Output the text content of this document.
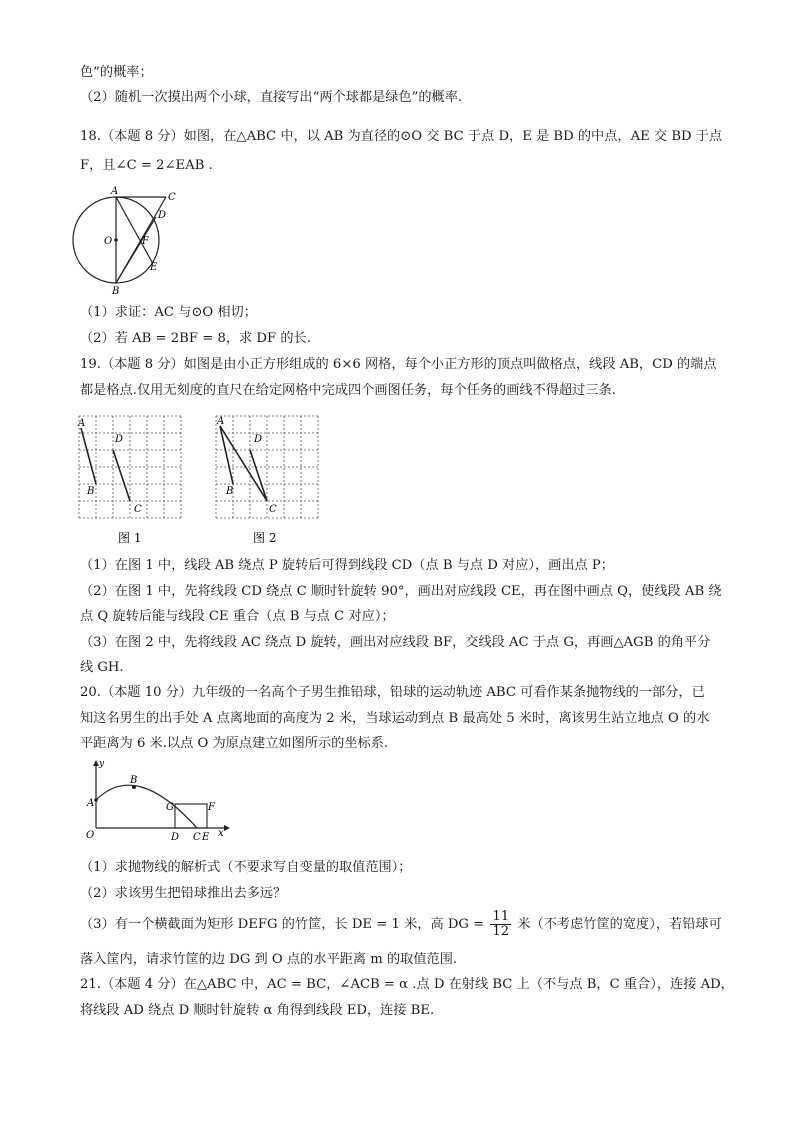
色”的概率；
（2）随机一次摸出两个小球，直接写出“两个球都是绿色”的概率.
18.（本题 8 分）如图，在△ABC 中，以 AB 为直径的⊙O 交 BC 于点 D，E 是 BD 的中点，AE 交 BD 于点
F，且∠C = 2∠EAB .
A
C
D
O	F
E
B
（1）求证：AC 与⊙O 相切；
（2）若 AB = 2BF = 8，求 DF 的长.
19.（本题 8 分）如图是由小正方形组成的 6×6 网格，每个小正方形的顶点叫做格点，线段 AB，CD 的端点
都是格点.仅用无刻度的直尺在给定网格中完成四个画图任务，每个任务的画线不得超过三条.
A
D
B
C
图 1
A
D
B
C
图 2
（1）在图 1 中，线段 AB 绕点 P 旋转后可得到线段 CD（点 B 与点 D 对应），画出点 P；
（2）在图 1 中，先将线段 CD 绕点 C 顺时针旋转 90°，画出对应线段 CE，再在图中画点 Q，使线段 AB 绕
点 Q 旋转后能与线段 CE 重合（点 B 与点 C 对应）；
（3）在图 2 中，先将线段 AC 绕点 D 旋转，画出对应线段 BF，交线段 AC 于点 G，再画△AGB 的角平分
线 GH.
20.（本题 10 分）九年级的一名高个子男生推铅球，铅球的运动轨迹 ABC 可看作某条抛物线的一部分，已
知这名男生的出手处 A 点离地面的高度为 2 米，当球运动到点 B 最高处 5 米时，离该男生站立地点 O 的水
平距离为 6 米.以点 O 为原点建立如图所示的坐标系.
y
B
A
O
G	F
D C E x
（1）求抛物线的解析式（不要求写自变量的取值范围）；
（2）求该男生把铅球推出去多远？
（3）有一个横截面为矩形 DEFG 的竹筐，长 DE = 1 米，高 DG = $\frac{11}{12}$ 米（不考虑竹筐的宽度），若铅球可
落入筐内，请求竹筐的边 DG 到 O 点的水平距离 m 的取值范围.
21.（本题 4 分）在△ABC 中，AC = BC，∠ACB = α .点 D 在射线 BC 上（不与点 B，C 重合），连接 AD，
将线段 AD 绕点 D 顺时针旋转 α 角得到线段 ED，连接 BE.
